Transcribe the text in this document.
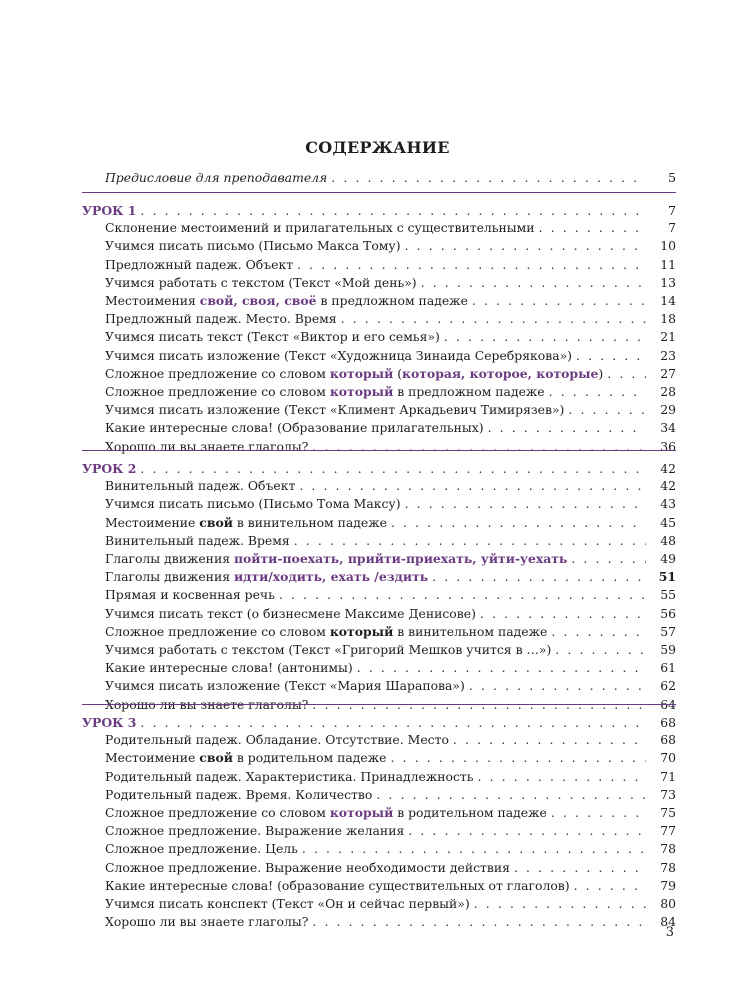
СОДЕРЖАНИЕ
Предисловие для преподавателя . . .	5
УРОК 1 . . .	7
Склонение местоимений и прилагательных с существительными . . .	7
Учимся писать письмо (Письмо Макса Тому) . . .	10
Предложный падеж. Объект . . .	11
Учимся работать с текстом (Текст «Мой день») . . .	13
Местоимения свой, своя, своё в предложном падеже . . .	14
Предложный падеж. Место. Время . . .	18
Учимся писать текст (Текст «Виктор и его семья») . . .	21
Учимся писать изложение (Текст «Художница Зинаида Серебрякова») . . .	23
Сложное предложение со словом который (которая, которое, которые) . . .	27
Сложное предложение со словом который в предложном падеже . . .	28
Учимся писать изложение (Текст «Климент Аркадьевич Тимирязев») . . .	29
Какие интересные слова! (Образование прилагательных) . . .	34
Хорошо ли вы знаете глаголы? . . .	36
УРОК 2 . . .	42
Винительный падеж. Объект . . .	42
Учимся писать письмо (Письмо Тома Максу) . . .	43
Местоимение свой в винительном падеже . . .	45
Винительный падеж. Время . . .	48
Глаголы движения пойти-поехать, прийти-приехать, уйти-уехать . . .	49
Глаголы движения идти/ходить, ехать /ездить . . .	51
Прямая и косвенная речь . . .	55
Учимся писать текст (о бизнесмене Максиме Денисове) . . .	56
Сложное предложение со словом который в винительном падеже . . .	57
Учимся работать с текстом (Текст «Григорий Мешков учится в …») . . .	59
Какие интересные слова! (антонимы) . . .	61
Учимся писать изложение (Текст «Мария Шарапова») . . .	62
Хорошо ли вы знаете глаголы? . . .	64
УРОК 3 . . .	68
Родительный падеж. Обладание. Отсутствие. Место . . .	68
Местоимение свой в родительном падеже . . .	70
Родительный падеж. Характеристика. Принадлежность . . .	71
Родительный падеж. Время. Количество . . .	73
Сложное предложение со словом который в родительном падеже . . .	75
Сложное предложение. Выражение желания . . .	77
Сложное предложение. Цель . . .	78
Сложное предложение. Выражение необходимости действия . . .	78
Какие интересные слова! (образование существительных от глаголов) . . .	79
Учимся писать конспект (Текст «Он и сейчас первый») . . .	80
Хорошо ли вы знаете глаголы? . . .	84
3
